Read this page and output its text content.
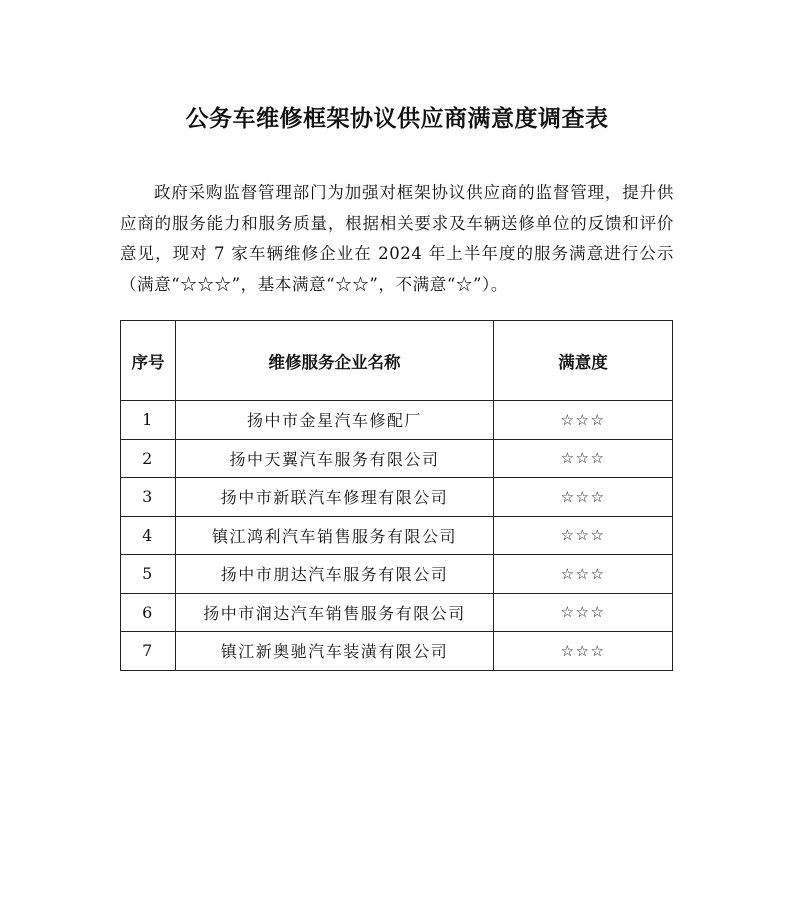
公务车维修框架协议供应商满意度调查表

政府采购监督管理部门为加强对框架协议供应商的监督管理，提升供应商的服务能力和服务质量，根据相关要求及车辆送修单位的反馈和评价意见，现对 7 家车辆维修企业在 2024 年上半年度的服务满意进行公示（满意“☆☆☆”，基本满意“☆☆”，不满意“☆”）。

序号	维修服务企业名称	满意度
1	扬中市金星汽车修配厂	☆☆☆
2	扬中天翼汽车服务有限公司	☆☆☆
3	扬中市新联汽车修理有限公司	☆☆☆
4	镇江鸿利汽车销售服务有限公司	☆☆☆
5	扬中市朋达汽车服务有限公司	☆☆☆
6	扬中市润达汽车销售服务有限公司	☆☆☆
7	镇江新奥驰汽车装潢有限公司	☆☆☆
